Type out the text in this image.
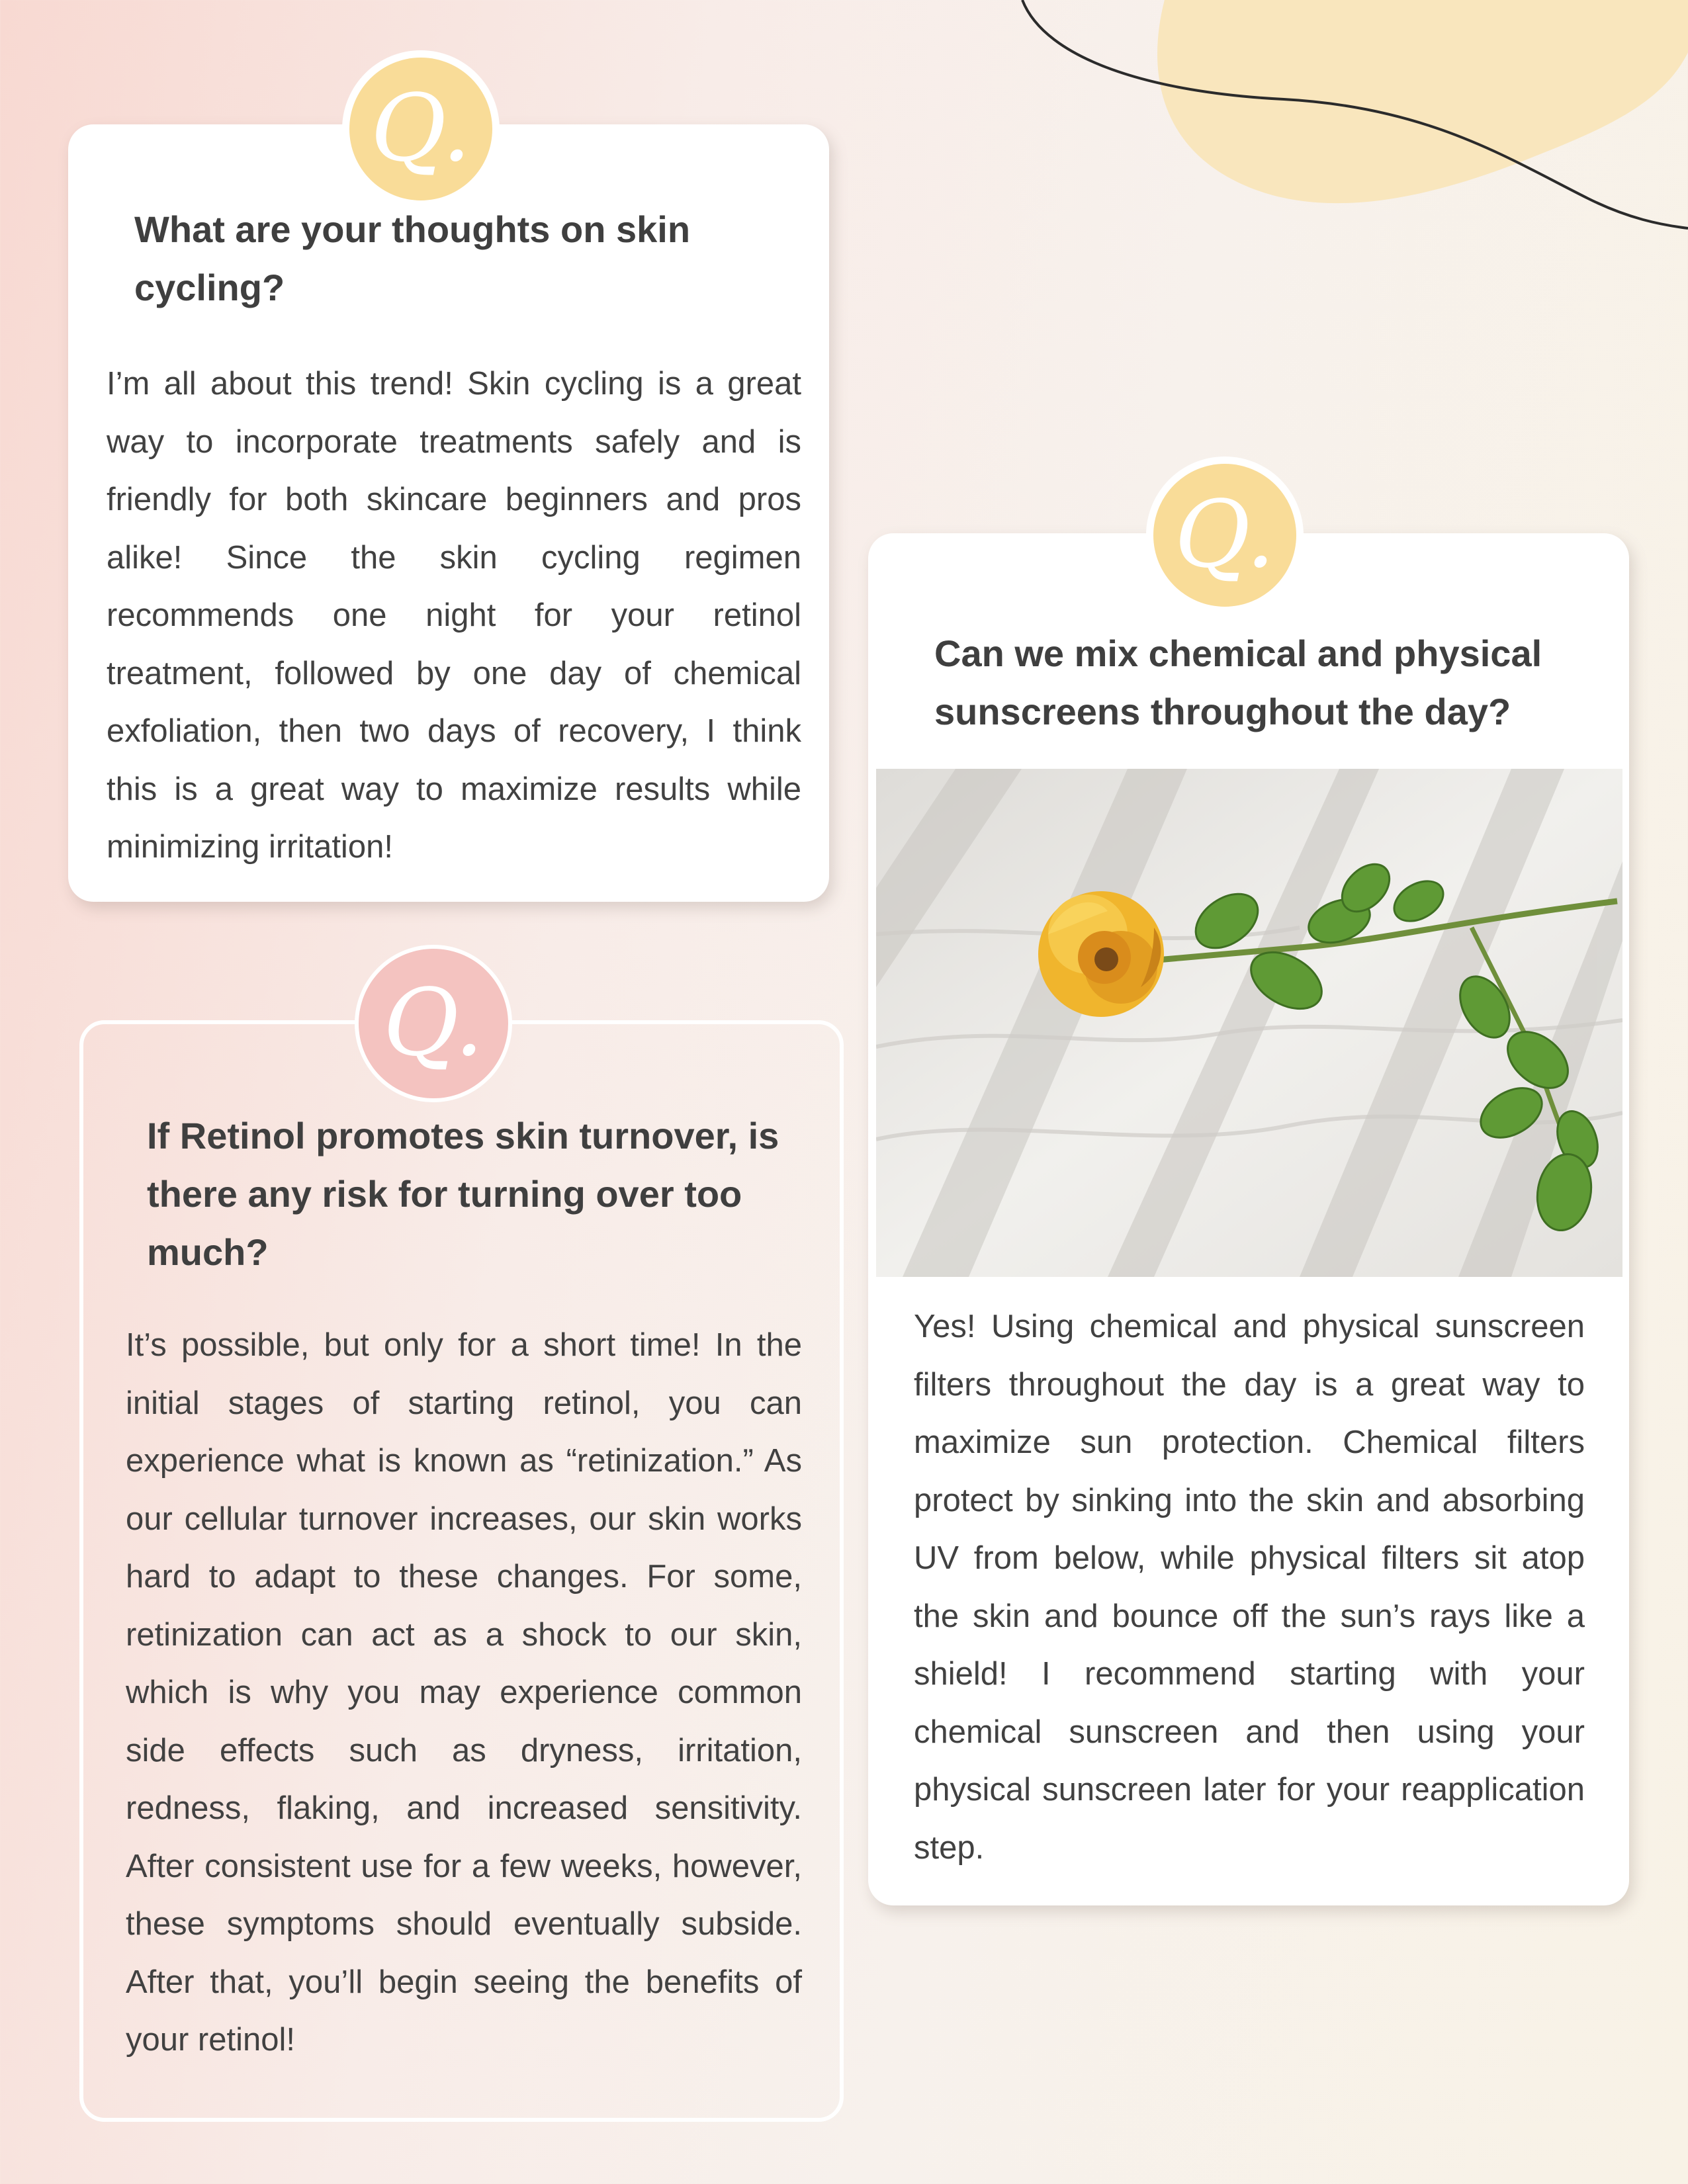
Q.
What are your thoughts on skin cycling?

I’m all about this trend! Skin cycling is a great way to incorporate treatments safely and is friendly for both skincare beginners and pros alike! Since the skin cycling regimen recommends one night for your retinol treatment, followed by one day of chemical exfoliation, then two days of recovery, I think this is a great way to maximize results while minimizing irritation!

Q.
If Retinol promotes skin turnover, is there any risk for turning over too much?

It’s possible, but only for a short time! In the initial stages of starting retinol, you can experience what is known as “retinization.” As our cellular turnover increases, our skin works hard to adapt to these changes. For some, retinization can act as a shock to our skin, which is why you may experience common side effects such as dryness, irritation, redness, flaking, and increased sensitivity. After consistent use for a few weeks, however, these symptoms should eventually subside. After that, you’ll begin seeing the benefits of your retinol!

Q.
Can we mix chemical and physical sunscreens throughout the day?

Yes! Using chemical and physical sunscreen filters throughout the day is a great way to maximize sun protection. Chemical filters protect by sinking into the skin and absorbing UV from below, while physical filters sit atop the skin and bounce off the sun’s rays like a shield! I recommend starting with your chemical sunscreen and then using your physical sunscreen later for your reapplication step.
